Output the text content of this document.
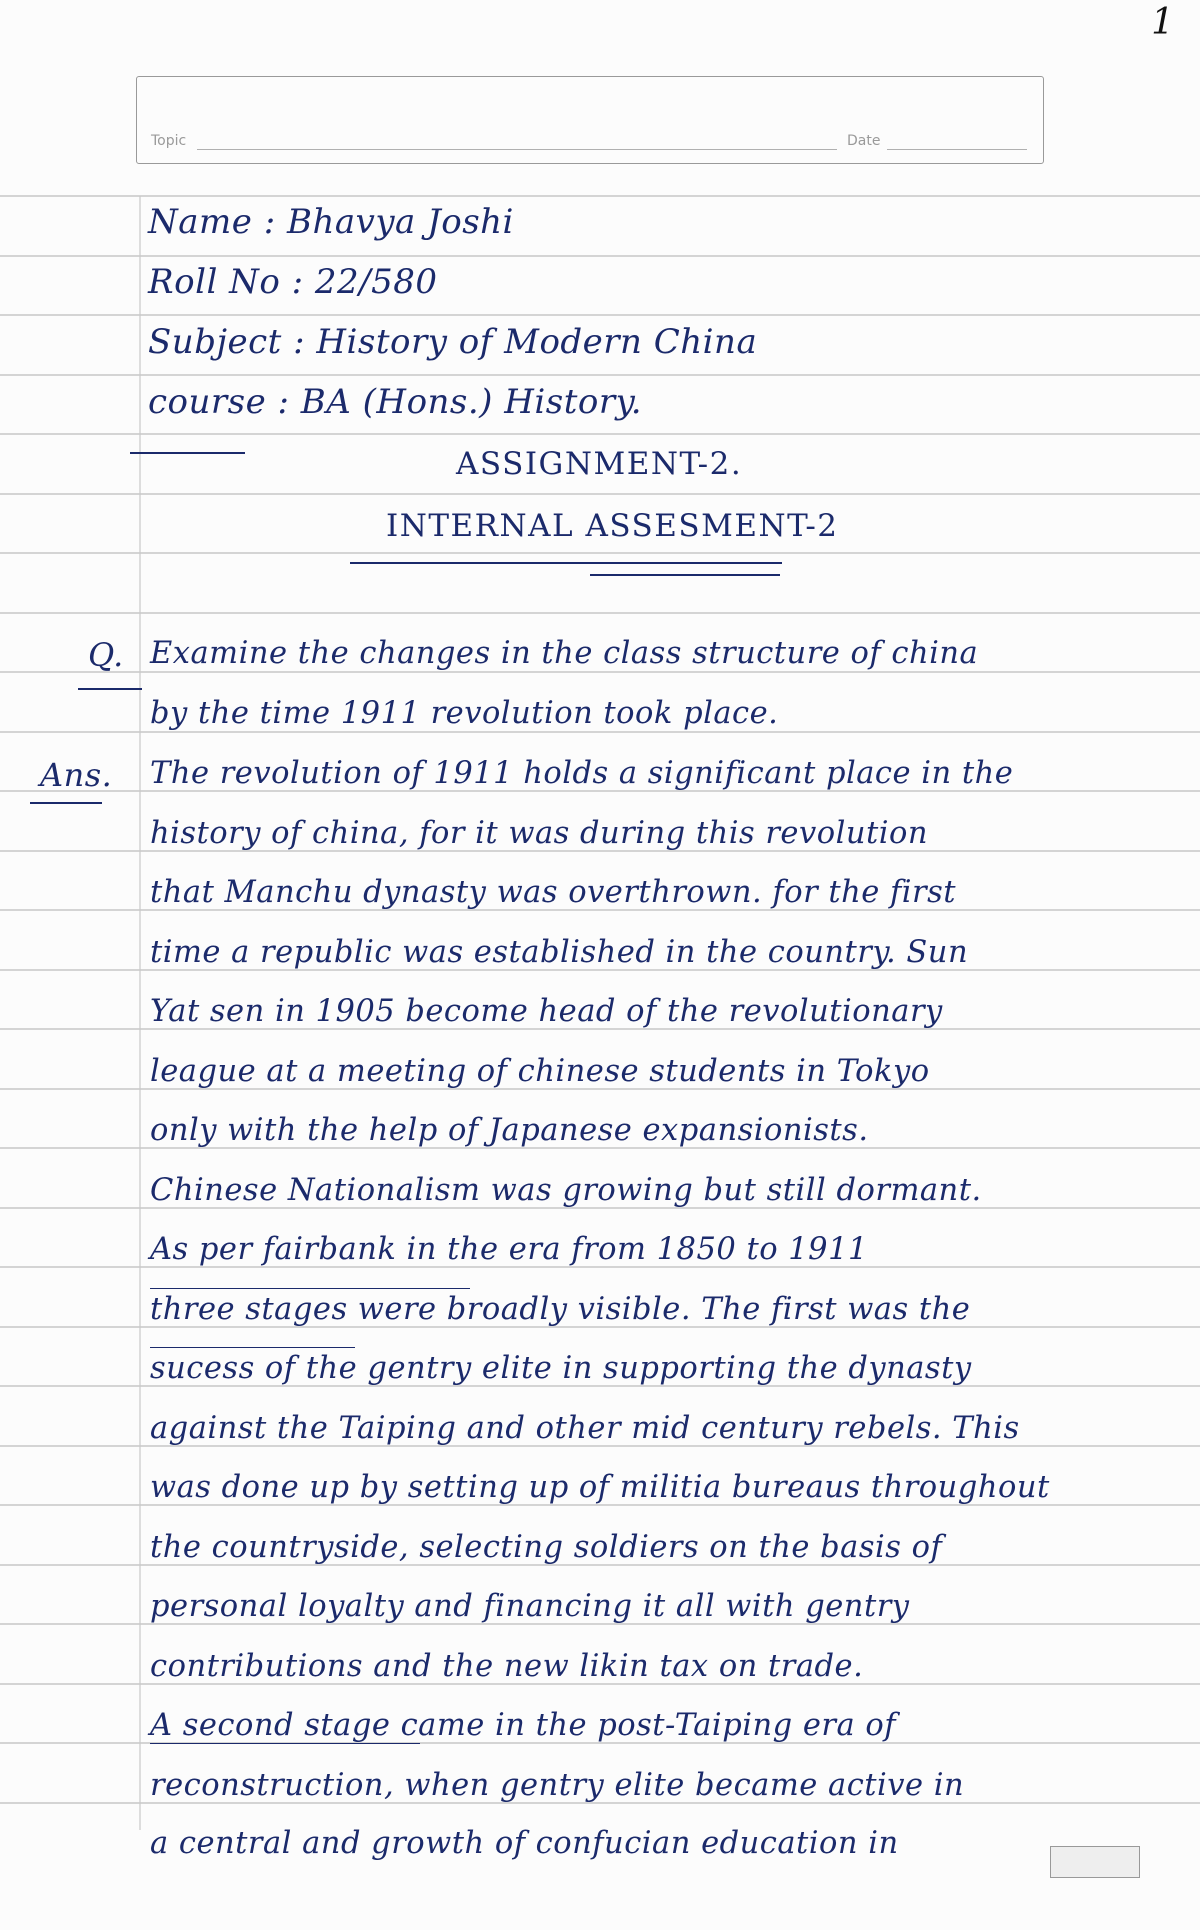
1
Topic	Date
Name : Bhavya Joshi
Roll No : 22/580
Subject : History of Modern China
course : BA (Hons.) History.
ASSIGNMENT-2.
INTERNAL ASSESMENT-2
Q. Examine the changes in the class structure of china
by the time 1911 revolution took place.
Ans. The revolution of 1911 holds a significant place in the
history of china, for it was during this revolution
that Manchu dynasty was overthrown. for the first
time a republic was established in the country. Sun
Yat sen in 1905 become head of the revolutionary
league at a meeting of chinese students in Tokyo
only with the help of Japanese expansionists.
Chinese Nationalism was growing but still dormant.
As per fairbank in the era from 1850 to 1911
three stages were broadly visible. The first was the
sucess of the gentry elite in supporting the dynasty
against the Taiping and other mid century rebels. This
was done up by setting up of militia bureaus throughout
the countryside, selecting soldiers on the basis of
personal loyalty and financing it all with gentry
contributions and the new likin tax on trade.
A second stage came in the post-Taiping era of
reconstruction, when gentry elite became active in
a central and growth of confucian education in
